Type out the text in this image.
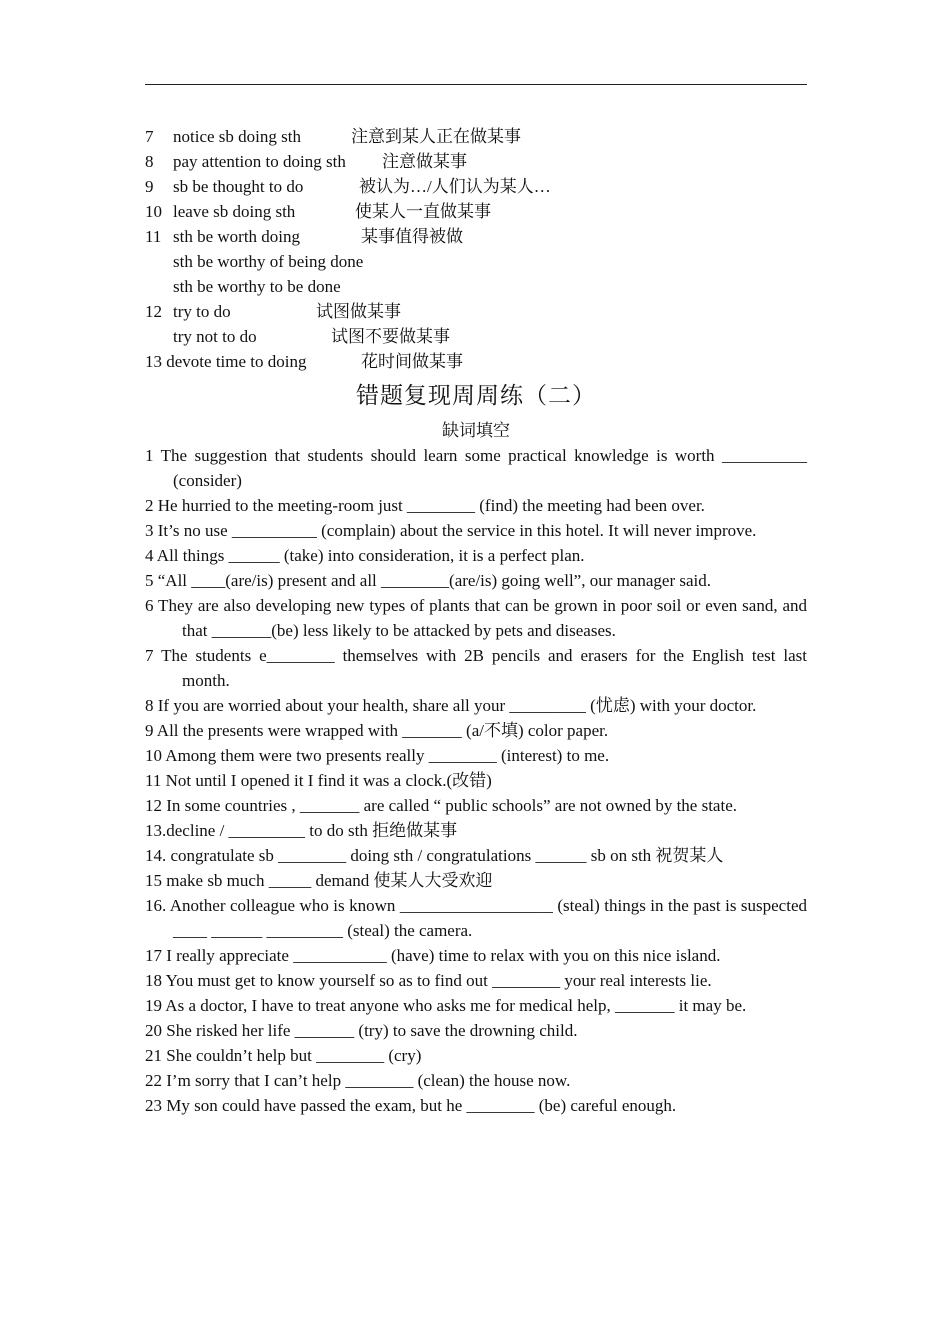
7 notice sb doing sth	注意到某人正在做某事
8 pay attention to doing sth 注意做某事
9 sb be thought to do	被认为…/人们认为某人…
10 leave sb doing sth	使某人一直做某事
11 sth be worth doing	某事值得被做
sth be worthy of being done
sth be worthy to be done
12 try to do	试图做某事
try not to do	试图不要做某事
13 devote time to doing	花时间做某事
错题复现周周练（二）
缺词填空
1 The suggestion that students should learn some practical knowledge is worth __________ (consider)
2 He hurried to the meeting-room just ________ (find) the meeting had been over.
3 It’s no use __________ (complain) about the service in this hotel. It will never improve.
4 All things ______ (take) into consideration, it is a perfect plan.
5 “All ____(are/is) present and all ________(are/is) going well”, our manager said.
6 They are also developing new types of plants that can be grown in poor soil or even sand, and that _______(be) less likely to be attacked by pets and diseases.
7 The students e________ themselves with 2B pencils and erasers for the English test last month.
8 If you are worried about your health, share all your _________ (忧虑) with your doctor.
9 All the presents were wrapped with _______ (a/不填) color paper.
10 Among them were two presents really ________ (interest) to me.
11 Not until I opened it I find it was a clock.(改错)
12 In some countries , _______ are called “ public schools” are not owned by the state.
13.decline / _________ to do sth 拒绝做某事
14. congratulate sb ________ doing sth / congratulations ______ sb on sth 祝贺某人
15 make sb much _____ demand 使某人大受欢迎
16. Another colleague who is known __________________ (steal) things in the past is suspected ____ ______ _________ (steal) the camera.
17 I really appreciate ___________ (have) time to relax with you on this nice island.
18 You must get to know yourself so as to find out ________ your real interests lie.
19 As a doctor, I have to treat anyone who asks me for medical help, _______ it may be.
20 She risked her life _______ (try) to save the drowning child.
21 She couldn’t help but ________ (cry)
22 I’m sorry that I can’t help ________ (clean) the house now.
23 My son could have passed the exam, but he ________ (be) careful enough.
